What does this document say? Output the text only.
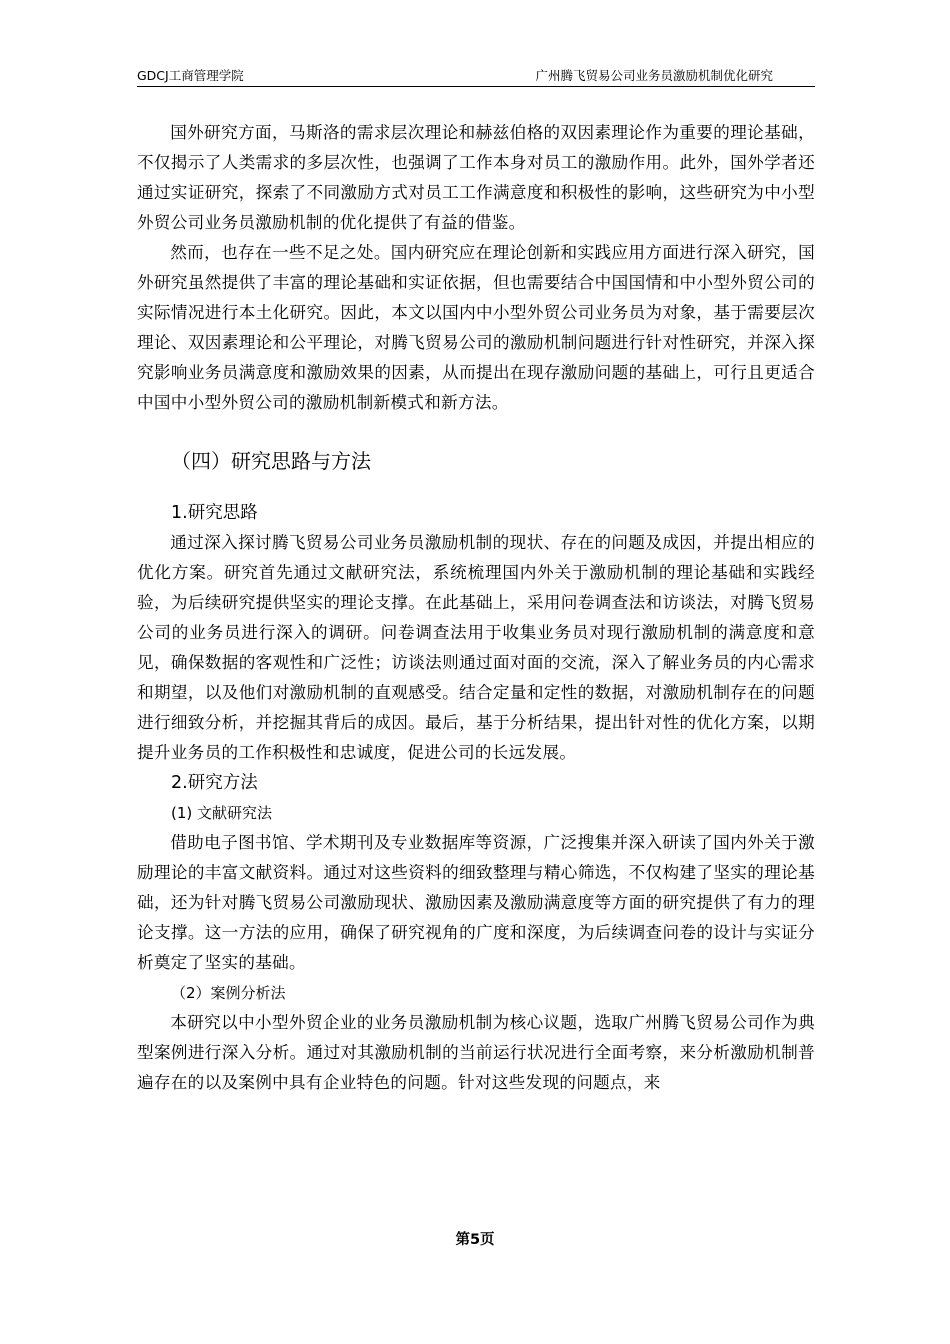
GDCJ工商管理学院	广州腾飞贸易公司业务员激励机制优化研究

国外研究方面，马斯洛的需求层次理论和赫兹伯格的双因素理论作为重要的理论基础，不仅揭示了人类需求的多层次性，也强调了工作本身对员工的激励作用。此外，国外学者还通过实证研究，探索了不同激励方式对员工工作满意度和积极性的影响，这些研究为中小型外贸公司业务员激励机制的优化提供了有益的借鉴。

然而，也存在一些不足之处。国内研究应在理论创新和实践应用方面进行深入研究，国外研究虽然提供了丰富的理论基础和实证依据，但也需要结合中国国情和中小型外贸公司的实际情况进行本土化研究。因此，本文以国内中小型外贸公司业务员为对象，基于需要层次理论、双因素理论和公平理论，对腾飞贸易公司的激励机制问题进行针对性研究，并深入探究影响业务员满意度和激励效果的因素，从而提出在现存激励问题的基础上，可行且更适合中国中小型外贸公司的激励机制新模式和新方法。

（四）研究思路与方法
1.研究思路

通过深入探讨腾飞贸易公司业务员激励机制的现状、存在的问题及成因，并提出相应的优化方案。研究首先通过文献研究法，系统梳理国内外关于激励机制的理论基础和实践经验，为后续研究提供坚实的理论支撑。在此基础上，采用问卷调查法和访谈法，对腾飞贸易公司的业务员进行深入的调研。问卷调查法用于收集业务员对现行激励机制的满意度和意见，确保数据的客观性和广泛性；访谈法则通过面对面的交流，深入了解业务员的内心需求和期望，以及他们对激励机制的直观感受。结合定量和定性的数据，对激励机制存在的问题进行细致分析，并挖掘其背后的成因。最后，基于分析结果，提出针对性的优化方案，以期提升业务员的工作积极性和忠诚度，促进公司的长远发展。

2.研究方法
(1) 文献研究法

借助电子图书馆、学术期刊及专业数据库等资源，广泛搜集并深入研读了国内外关于激励理论的丰富文献资料。通过对这些资料的细致整理与精心筛选，不仅构建了坚实的理论基础，还为针对腾飞贸易公司激励现状、激励因素及激励满意度等方面的研究提供了有力的理论支撑。这一方法的应用，确保了研究视角的广度和深度，为后续调查问卷的设计与实证分析奠定了坚实的基础。

（2）案例分析法

本研究以中小型外贸企业的业务员激励机制为核心议题，选取广州腾飞贸易公司作为典型案例进行深入分析。通过对其激励机制的当前运行状况进行全面考察，来分析激励机制普遍存在的以及案例中具有企业特色的问题。针对这些发现的问题点，来

第5页
